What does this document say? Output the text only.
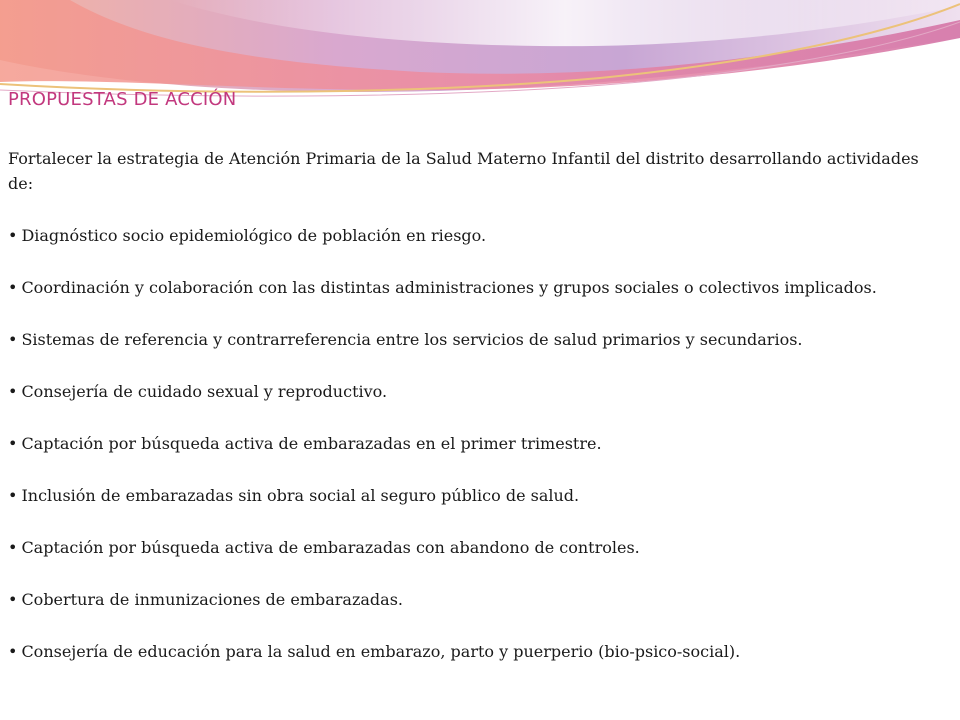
PROPUESTAS DE ACCIÓN

Fortalecer la estrategia de Atención Primaria de la Salud Materno Infantil del distrito desarrollando actividades de:

• Diagnóstico socio epidemiológico de población en riesgo.

• Coordinación y colaboración con las distintas administraciones y grupos sociales o colectivos implicados.

• Sistemas de referencia y contrarreferencia entre los servicios de salud primarios y secundarios.

• Consejería de cuidado sexual y reproductivo.

• Captación por búsqueda activa de embarazadas en el primer trimestre.

• Inclusión de embarazadas sin obra social al seguro público de salud.

• Captación por búsqueda activa de embarazadas con abandono de controles.

• Cobertura de inmunizaciones de embarazadas.

• Consejería de educación para la salud en embarazo, parto y puerperio (bio-psico-social).
